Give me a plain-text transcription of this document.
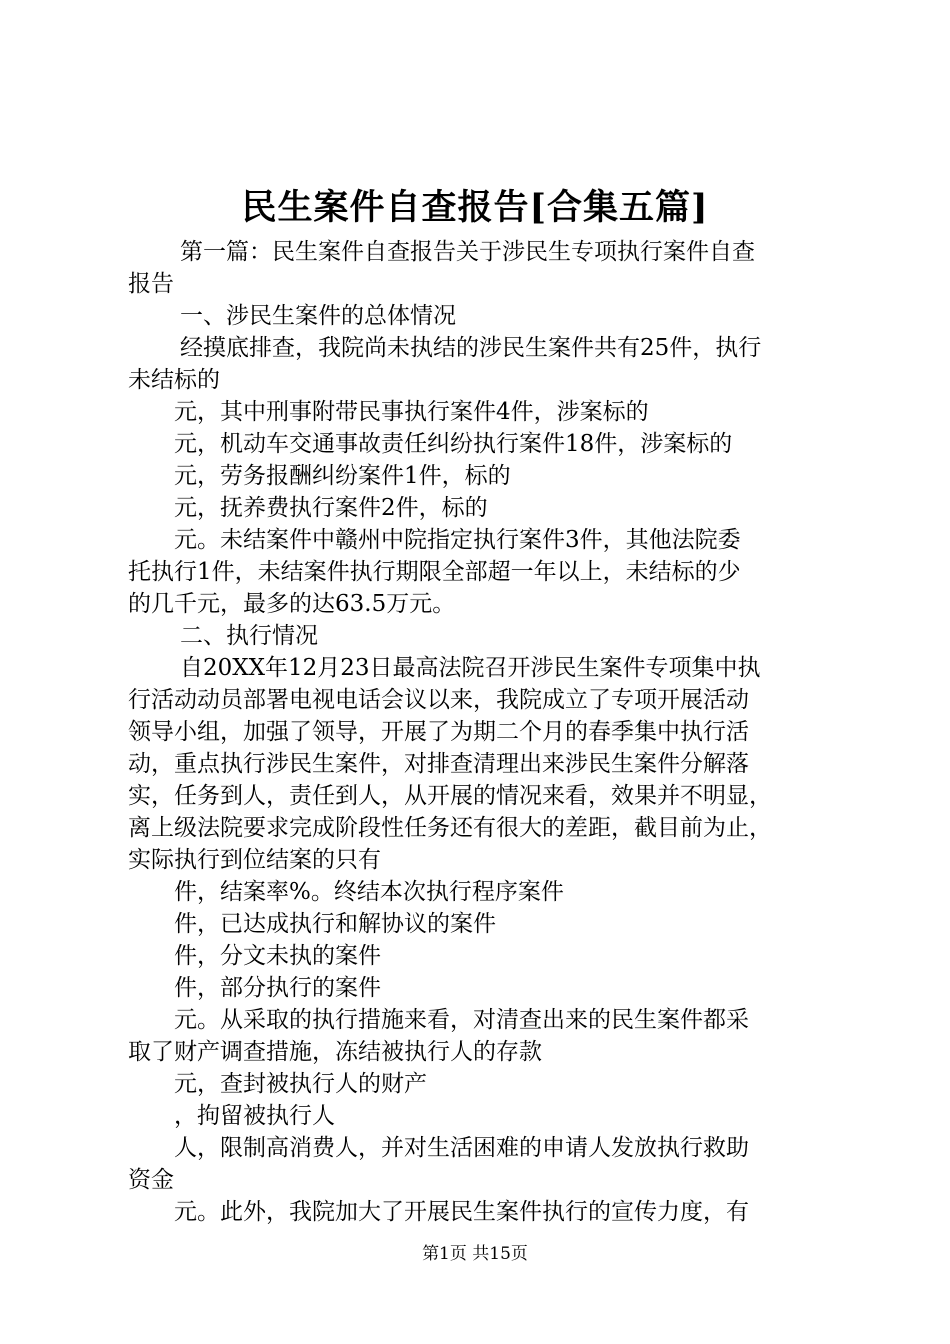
民生案件自查报告[合集五篇]
第一篇：民生案件自查报告关于涉民生专项执行案件自查
报告
一、涉民生案件的总体情况
经摸底排查，我院尚未执结的涉民生案件共有25件，执行
未结标的
元，其中刑事附带民事执行案件4件，涉案标的
元，机动车交通事故责任纠纷执行案件18件，涉案标的
元，劳务报酬纠纷案件1件，标的
元，抚养费执行案件2件，标的
元。未结案件中赣州中院指定执行案件3件，其他法院委
托执行1件，未结案件执行期限全部超一年以上，未结标的少
的几千元，最多的达63.5万元。
二、执行情况
自20XX年12月23日最高法院召开涉民生案件专项集中执
行活动动员部署电视电话会议以来，我院成立了专项开展活动
领导小组，加强了领导，开展了为期二个月的春季集中执行活
动，重点执行涉民生案件，对排查清理出来涉民生案件分解落
实，任务到人，责任到人，从开展的情况来看，效果并不明显，
离上级法院要求完成阶段性任务还有很大的差距，截目前为止，
实际执行到位结案的只有
件，结案率%。终结本次执行程序案件
件，已达成执行和解协议的案件
件，分文未执的案件
件，部分执行的案件
元。从采取的执行措施来看，对清查出来的民生案件都采
取了财产调查措施，冻结被执行人的存款
元，查封被执行人的财产
，拘留被执行人
人，限制高消费人，并对生活困难的申请人发放执行救助
资金
元。此外，我院加大了开展民生案件执行的宣传力度，有
第1页 共15页
